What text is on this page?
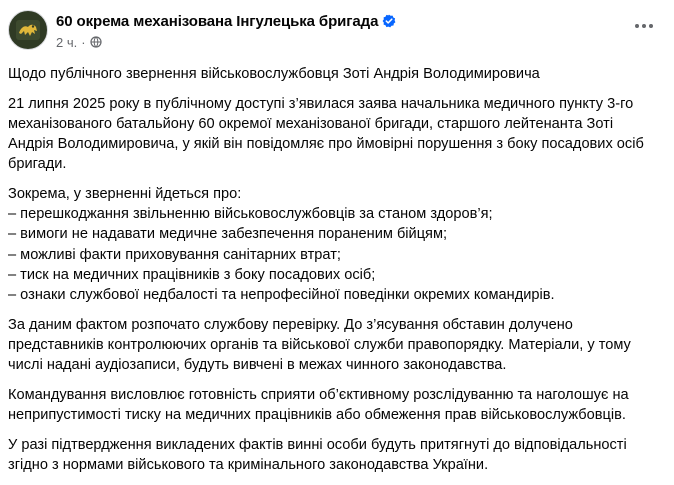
60 окрема механізована Інгулецька бригада
2 ч. ·

Щодо публічного звернення військовослужбовця Зоті Андрія Володимировича

21 липня 2025 року в публічному доступі з’явилася заява начальника медичного пункту 3-го механізованого батальйону 60 окремої механізованої бригади, старшого лейтенанта Зоті Андрія Володимировича, у якій він повідомляє про ймовірні порушення з боку посадових осіб бригади.

Зокрема, у зверненні йдеться про:
– перешкоджання звільненню військовослужбовців за станом здоров’я;
– вимоги не надавати медичне забезпечення пораненим бійцям;
– можливі факти приховування санітарних втрат;
– тиск на медичних працівників з боку посадових осіб;
– ознаки службової недбалості та непрофесійної поведінки окремих командирів.

За даним фактом розпочато службову перевірку. До з’ясування обставин долучено представників контролюючих органів та військової служби правопорядку. Матеріали, у тому числі надані аудіозаписи, будуть вивчені в межах чинного законодавства.

Командування висловлює готовність сприяти об’єктивному розслідуванню та наголошує на неприпустимості тиску на медичних працівників або обмеження прав військовослужбовців.

У разі підтвердження викладених фактів винні особи будуть притягнуті до відповідальності згідно з нормами військового та кримінального законодавства України.
